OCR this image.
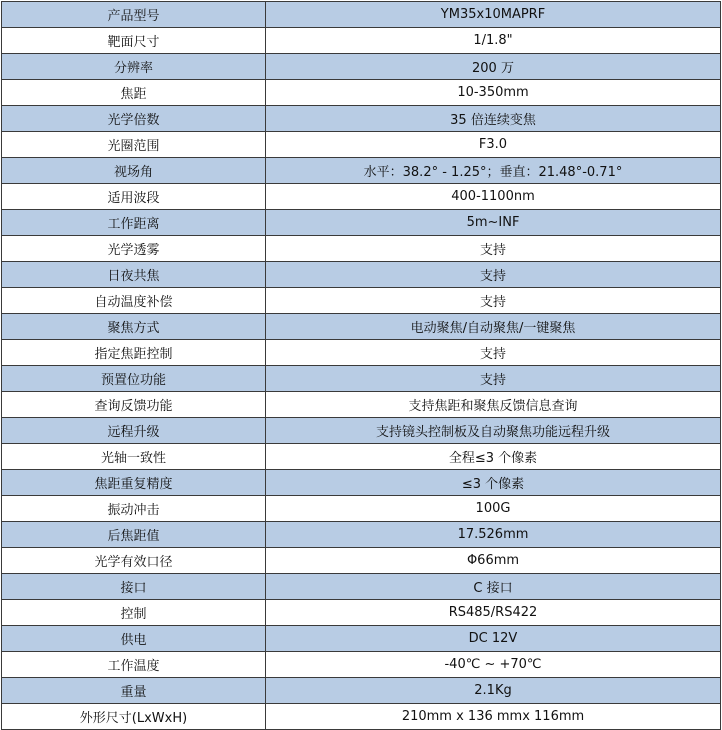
产品型号	YM35x10MAPRF
靶面尺寸	1/1.8"
分辨率	200 万
焦距	10-350mm
光学倍数	35 倍连续变焦
光圈范围	F3.0
视场角	水平：38.2° - 1.25°；垂直：21.48°-0.71°
适用波段	400-1100nm
工作距离	5m~INF
光学透雾	支持
日夜共焦	支持
自动温度补偿	支持
聚焦方式	电动聚焦/自动聚焦/一键聚焦
指定焦距控制	支持
预置位功能	支持
查询反馈功能	支持焦距和聚焦反馈信息查询
远程升级	支持镜头控制板及自动聚焦功能远程升级
光轴一致性	全程≤3 个像素
焦距重复精度	≤3 个像素
振动冲击	100G
后焦距值	17.526mm
光学有效口径	Φ66mm
接口	C 接口
控制	RS485/RS422
供电	DC 12V
工作温度	-40℃ ~ +70℃
重量	2.1Kg
外形尺寸(LxWxH)	210mm x 136 mmx 116mm
